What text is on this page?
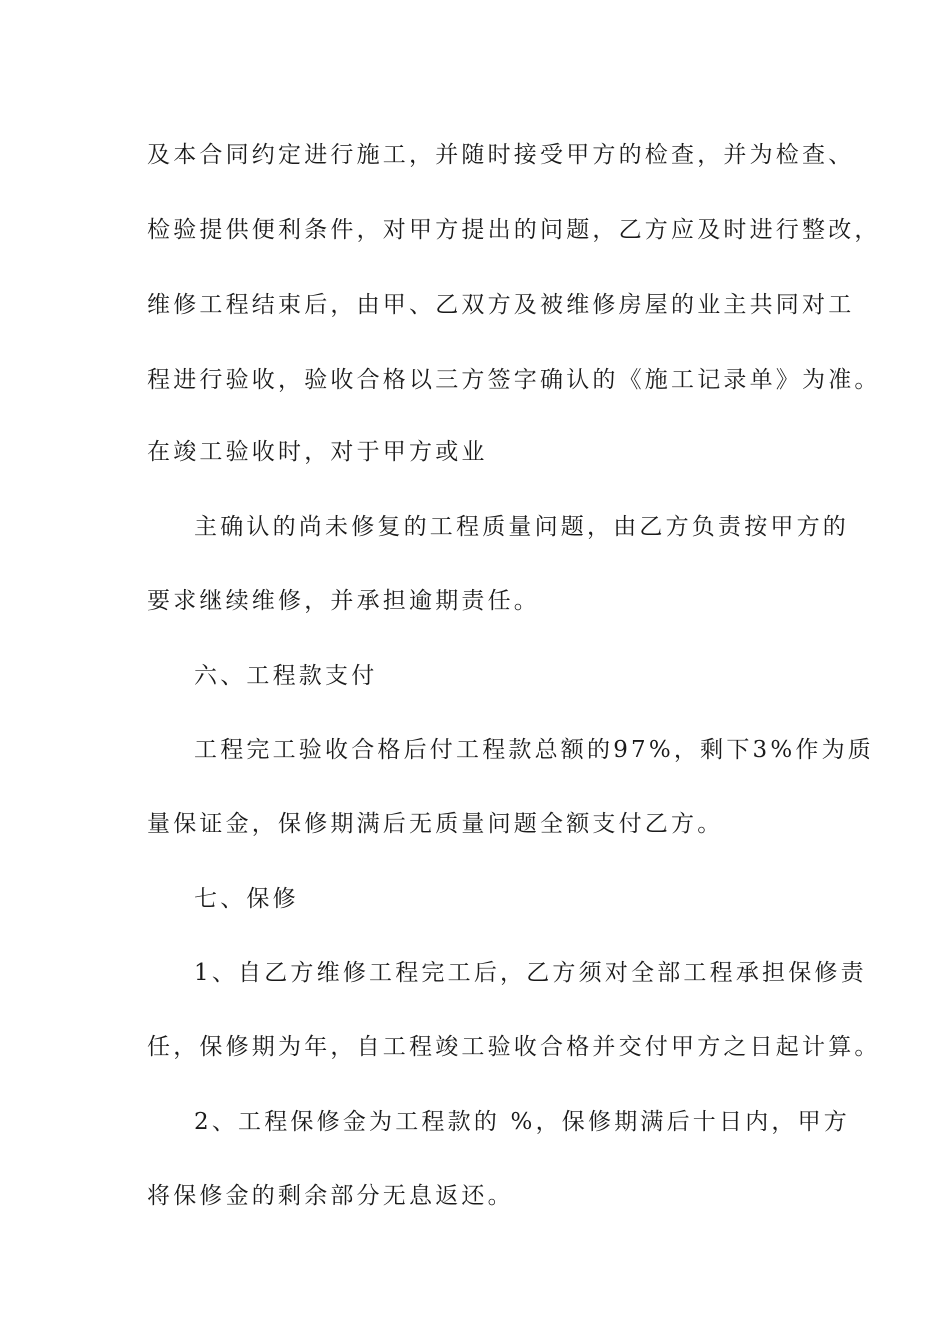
及本合同约定进行施工，并随时接受甲方的检查，并为检查、
检验提供便利条件，对甲方提出的问题，乙方应及时进行整改，
维修工程结束后，由甲、乙双方及被维修房屋的业主共同对工
程进行验收，验收合格以三方签字确认的《施工记录单》为准。
在竣工验收时，对于甲方或业
主确认的尚未修复的工程质量问题，由乙方负责按甲方的
要求继续维修，并承担逾期责任。
六、工程款支付
工程完工验收合格后付工程款总额的97%，剩下3%作为质
量保证金，保修期满后无质量问题全额支付乙方。
七、保修
1、自乙方维修工程完工后，乙方须对全部工程承担保修责
任，保修期为年，自工程竣工验收合格并交付甲方之日起计算。
2、工程保修金为工程款的 %，保修期满后十日内，甲方
将保修金的剩余部分无息返还。
